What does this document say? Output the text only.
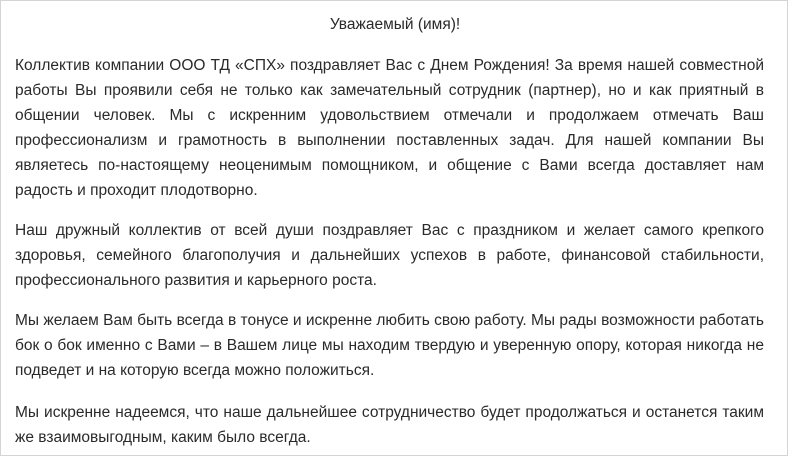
Уважаемый (имя)!

Коллектив компании ООО ТД «СПХ» поздравляет Вас с Днем Рождения! За время нашей совместной работы Вы проявили себя не только как замечательный сотрудник (партнер), но и как приятный в общении человек. Мы с искренним удовольствием отмечали и продолжаем отмечать Ваш профессионализм и грамотность в выполнении поставленных задач. Для нашей компании Вы являетесь по-настоящему неоценимым помощником, и общение с Вами всегда доставляет нам радость и проходит плодотворно.

Наш дружный коллектив от всей души поздравляет Вас с праздником и желает самого крепкого здоровья, семейного благополучия и дальнейших успехов в работе, финансовой стабильности, профессионального развития и карьерного роста.

Мы желаем Вам быть всегда в тонусе и искренне любить свою работу. Мы рады возможности работать бок о бок именно с Вами – в Вашем лице мы находим твердую и уверенную опору, которая никогда не подведет и на которую всегда можно положиться.

Мы искренне надеемся, что наше дальнейшее сотрудничество будет продолжаться и останется таким же взаимовыгодным, каким было всегда.
